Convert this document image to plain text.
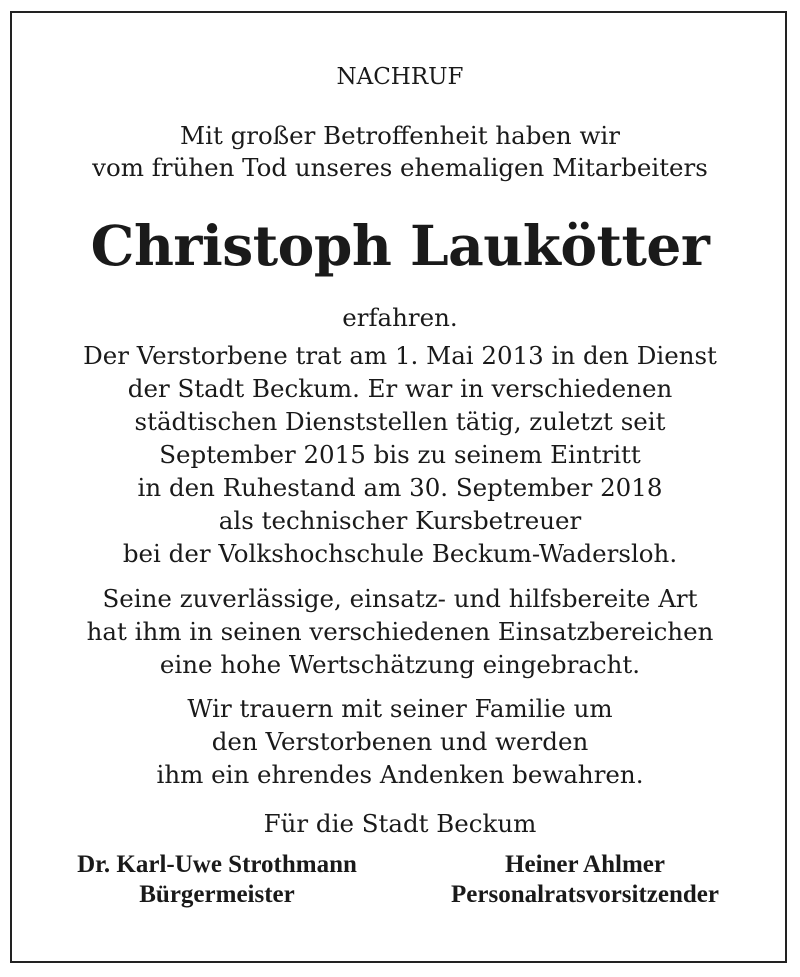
NACHRUF
Mit großer Betroffenheit haben wir
vom frühen Tod unseres ehemaligen Mitarbeiters
Christoph Laukötter
erfahren.
Der Verstorbene trat am 1. Mai 2013 in den Dienst
der Stadt Beckum. Er war in verschiedenen
städtischen Dienststellen tätig, zuletzt seit
September 2015 bis zu seinem Eintritt
in den Ruhestand am 30. September 2018
als technischer Kursbetreuer
bei der Volkshochschule Beckum-Wadersloh.
Seine zuverlässige, einsatz- und hilfsbereite Art
hat ihm in seinen verschiedenen Einsatzbereichen
eine hohe Wertschätzung eingebracht.
Wir trauern mit seiner Familie um
den Verstorbenen und werden
ihm ein ehrendes Andenken bewahren.
Für die Stadt Beckum
Dr. Karl-Uwe Strothmann
Bürgermeister
Heiner Ahlmer
Personalratsvorsitzender
